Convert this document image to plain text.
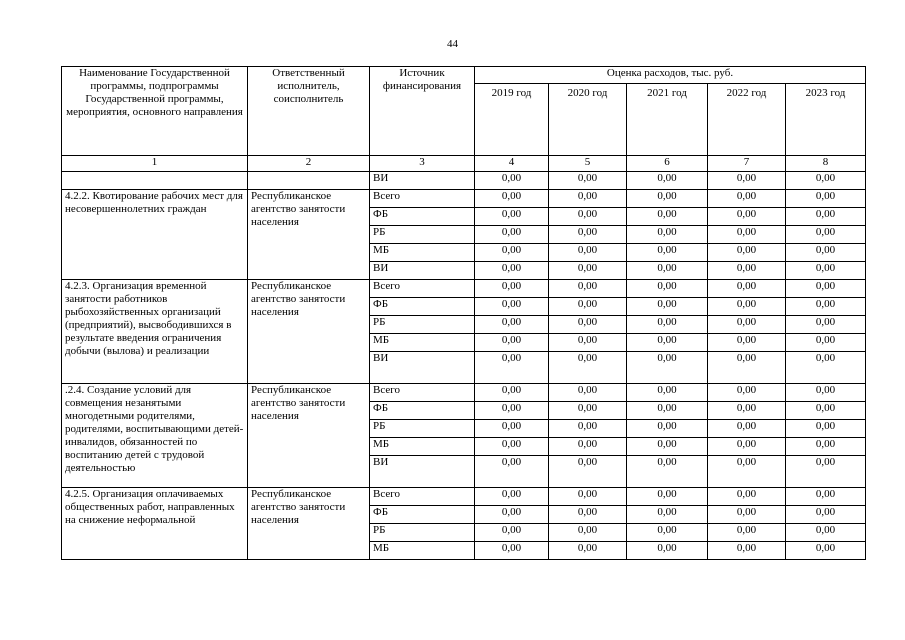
44
Наименование Государственной программы, подпрограммы Государственной программы, мероприятия, основного направления	Ответственный исполнитель, соисполнитель	Источник финансирования	Оценка расходов, тыс. руб.				
			2019 год	2020 год	2021 год	2022 год	2023 год
1	2	3	4	5	6	7	8
		ВИ	0,00	0,00	0,00	0,00	0,00
4.2.2. Квотирование рабочих мест для несовершеннолетних граждан	Республиканское агентство занятости населения	Всего	0,00	0,00	0,00	0,00	0,00
		ФБ	0,00	0,00	0,00	0,00	0,00
		РБ	0,00	0,00	0,00	0,00	0,00
		МБ	0,00	0,00	0,00	0,00	0,00
		ВИ	0,00	0,00	0,00	0,00	0,00
4.2.3. Организация временной занятости работников рыбохозяйственных организаций (предприятий), высвободившихся в результате введения ограничения добычи (вылова) и реализации	Республиканское агентство занятости населения	Всего	0,00	0,00	0,00	0,00	0,00
		ФБ	0,00	0,00	0,00	0,00	0,00
		РБ	0,00	0,00	0,00	0,00	0,00
		МБ	0,00	0,00	0,00	0,00	0,00
		ВИ	0,00	0,00	0,00	0,00	0,00
.2.4. Создание условий для совмещения незанятыми многодетными родителями, родителями, воспитывающими детей-инвалидов, обязанностей по воспитанию детей с трудовой деятельностью	Республиканское агентство занятости населения	Всего	0,00	0,00	0,00	0,00	0,00
		ФБ	0,00	0,00	0,00	0,00	0,00
		РБ	0,00	0,00	0,00	0,00	0,00
		МБ	0,00	0,00	0,00	0,00	0,00
		ВИ	0,00	0,00	0,00	0,00	0,00
4.2.5. Организация оплачиваемых общественных работ, направленных на снижение неформальной	Республиканское агентство занятости населения	Всего	0,00	0,00	0,00	0,00	0,00
		ФБ	0,00	0,00	0,00	0,00	0,00
		РБ	0,00	0,00	0,00	0,00	0,00
		МБ	0,00	0,00	0,00	0,00	0,00
